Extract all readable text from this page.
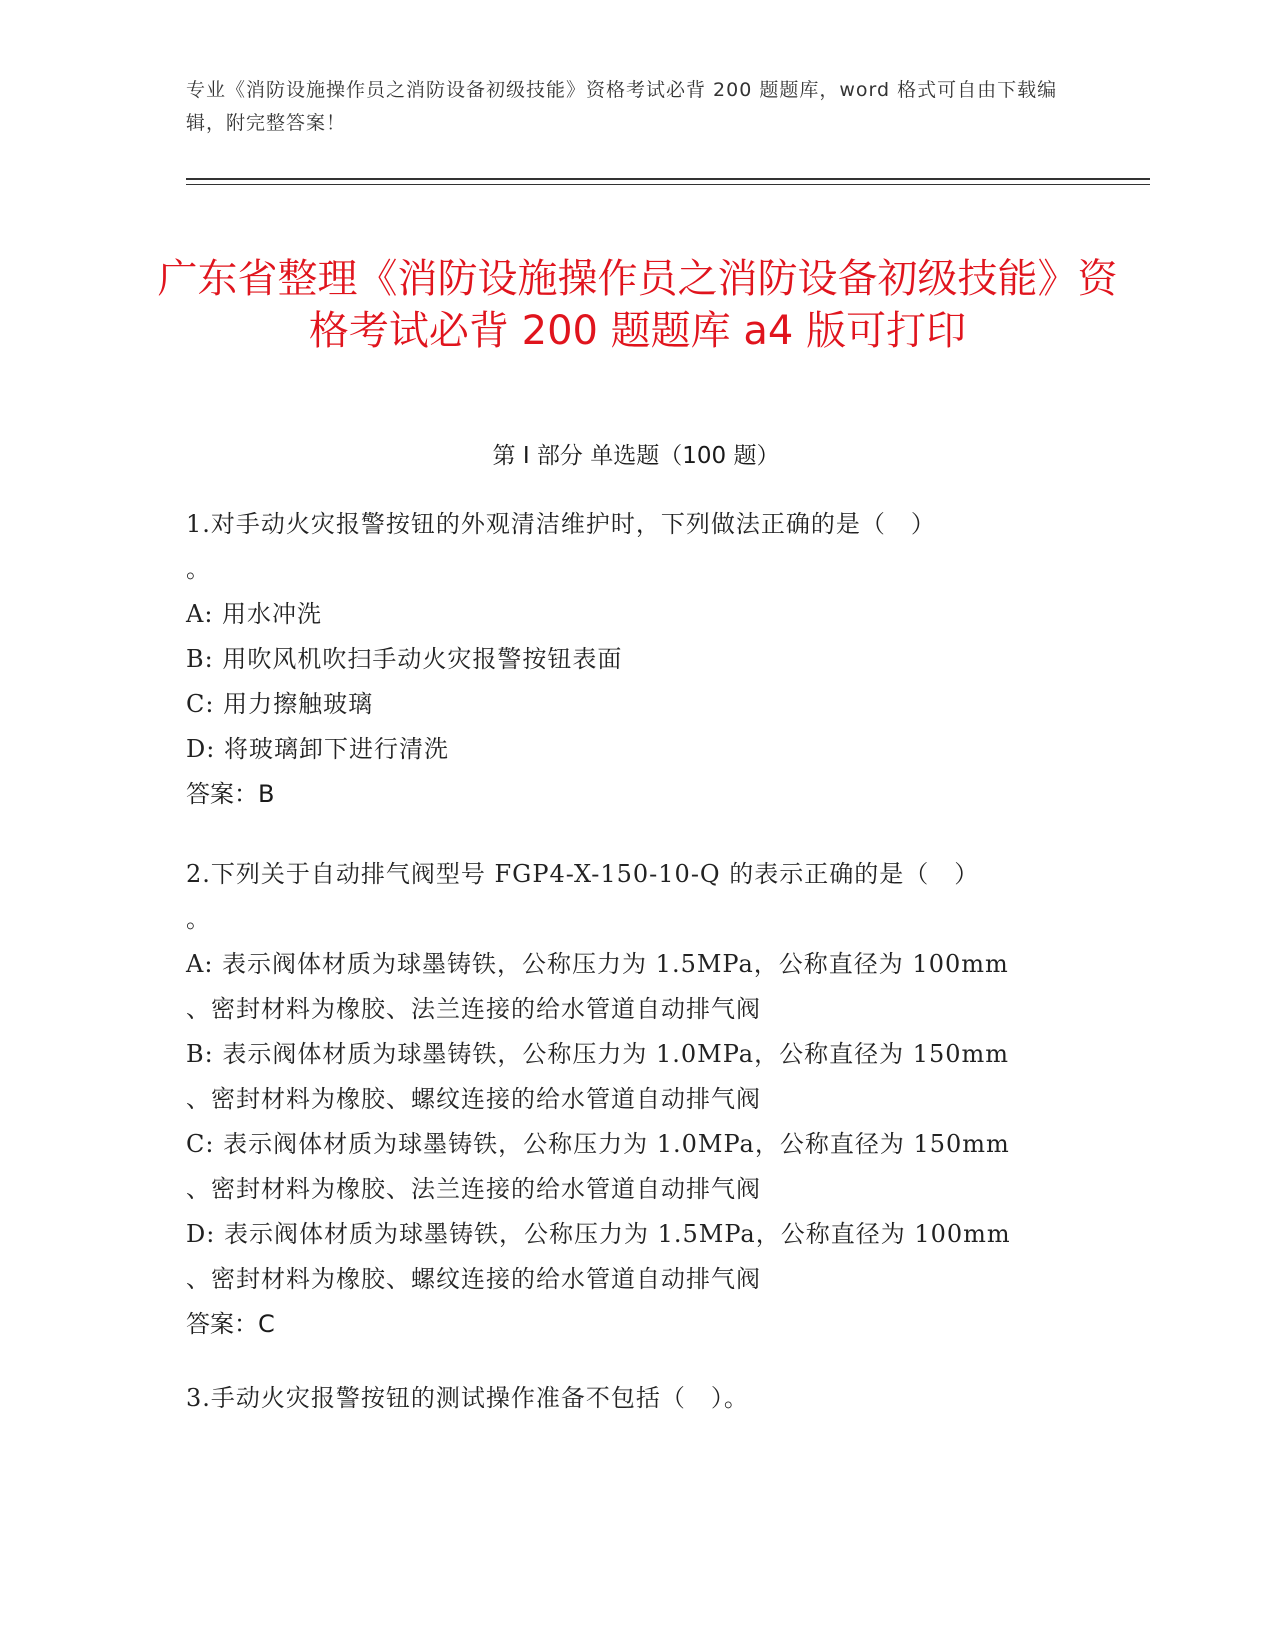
专业《消防设施操作员之消防设备初级技能》资格考试必背 200 题题库，word 格式可自由下载编辑，附完整答案！
广东省整理《消防设施操作员之消防设备初级技能》资格考试必背 200 题题库 a4 版可打印
第 I 部分 单选题（100 题）
1.对手动火灾报警按钮的外观清洁维护时，下列做法正确的是（　）
。
A: 用水冲洗
B: 用吹风机吹扫手动火灾报警按钮表面
C: 用力擦触玻璃
D: 将玻璃卸下进行清洗
答案：B
2.下列关于自动排气阀型号 FGP4-X-150-10-Q 的表示正确的是（　）
。
A: 表示阀体材质为球墨铸铁，公称压力为 1.5MPa，公称直径为 100mm
、密封材料为橡胶、法兰连接的给水管道自动排气阀
B: 表示阀体材质为球墨铸铁，公称压力为 1.0MPa，公称直径为 150mm
、密封材料为橡胶、螺纹连接的给水管道自动排气阀
C: 表示阀体材质为球墨铸铁，公称压力为 1.0MPa，公称直径为 150mm
、密封材料为橡胶、法兰连接的给水管道自动排气阀
D: 表示阀体材质为球墨铸铁，公称压力为 1.5MPa，公称直径为 100mm
、密封材料为橡胶、螺纹连接的给水管道自动排气阀
答案：C
3.手动火灾报警按钮的测试操作准备不包括（　）。
